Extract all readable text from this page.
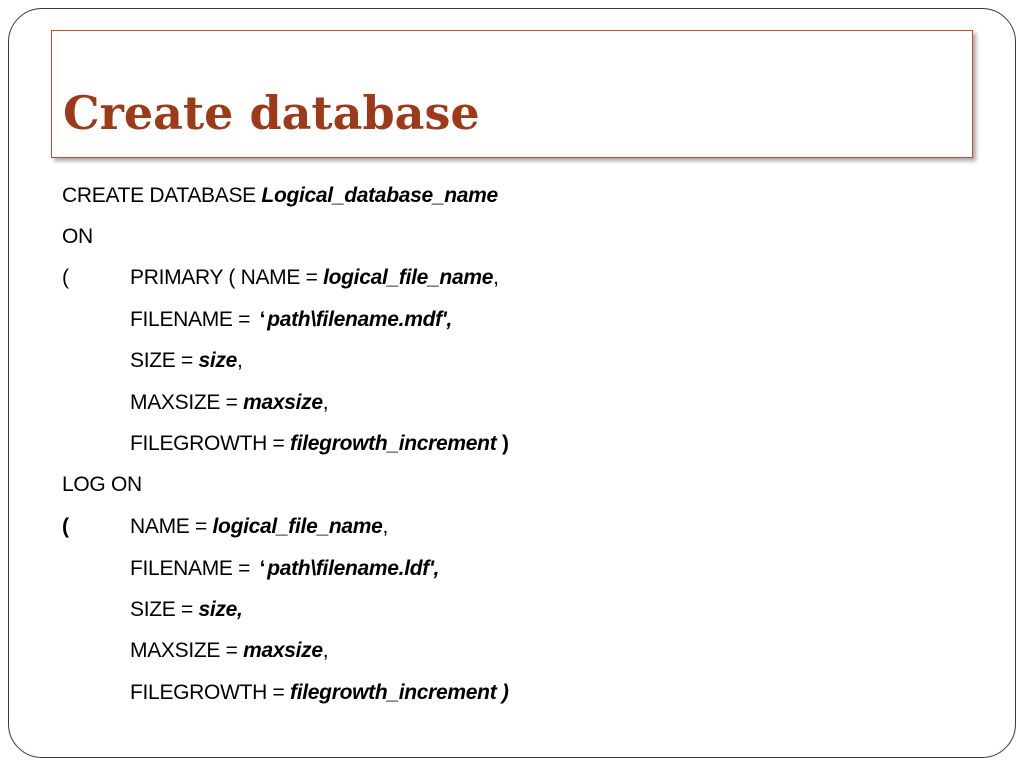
Create database
CREATE DATABASE Logical_database_name
ON
(	PRIMARY ( NAME = logical_file_name,
FILENAME = ‘path\filename.mdf',
SIZE = size,
MAXSIZE = maxsize,
FILEGROWTH = filegrowth_increment )
LOG ON
(	NAME = logical_file_name,
FILENAME = ‘path\filename.ldf',
SIZE = size,
MAXSIZE = maxsize,
FILEGROWTH = filegrowth_increment )
